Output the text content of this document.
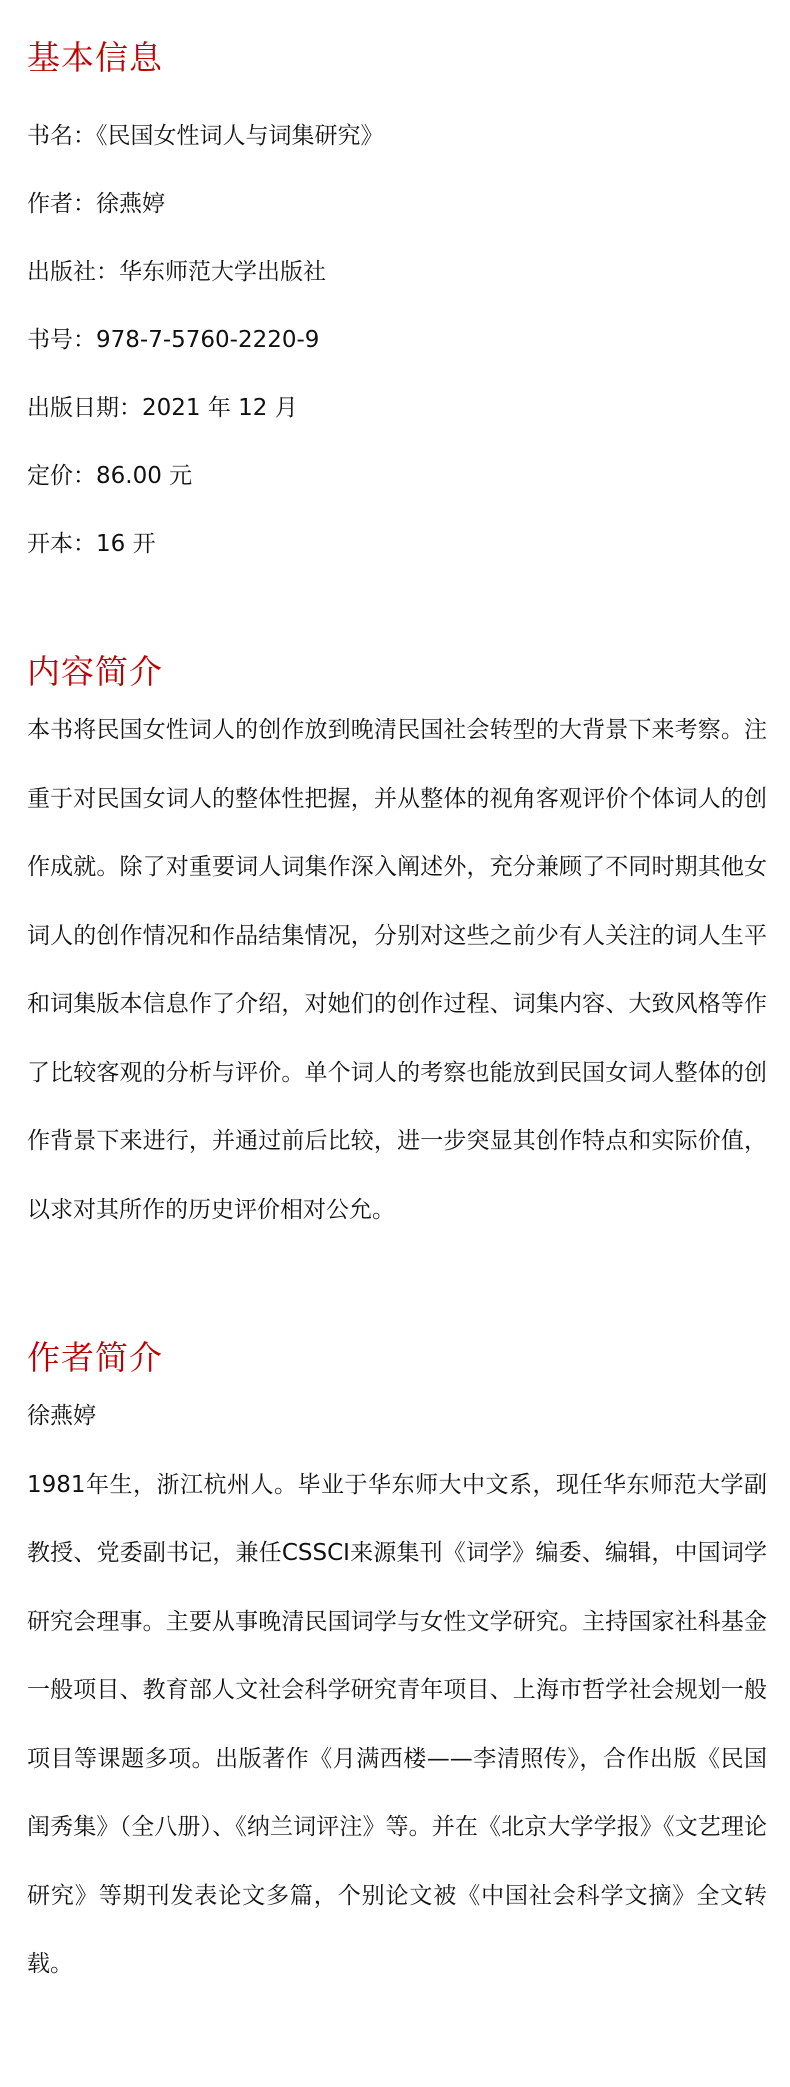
基本信息

书名：《民国女性词人与词集研究》

作者：徐燕婷

出版社：华东师范大学出版社

书号：978-7-5760-2220-9

出版日期：2021 年 12 月

定价：86.00 元

开本：16 开

内容简介

本书将民国女性词人的创作放到晚清民国社会转型的大背景下来考察。注重于对民国女词人的整体性把握，并从整体的视角客观评价个体词人的创作成就。除了对重要词人词集作深入阐述外，充分兼顾了不同时期其他女词人的创作情况和作品结集情况，分别对这些之前少有人关注的词人生平和词集版本信息作了介绍，对她们的创作过程、词集内容、大致风格等作了比较客观的分析与评价。单个词人的考察也能放到民国女词人整体的创作背景下来进行，并通过前后比较，进一步突显其创作特点和实际价值，以求对其所作的历史评价相对公允。

作者简介

徐燕婷

1981年生，浙江杭州人。毕业于华东师大中文系，现任华东师范大学副教授、党委副书记，兼任CSSCI来源集刊《词学》编委、编辑，中国词学研究会理事。主要从事晚清民国词学与女性文学研究。主持国家社科基金一般项目、教育部人文社会科学研究青年项目、上海市哲学社会规划一般项目等课题多项。出版著作《月满西楼——李清照传》，合作出版《民国闺秀集》（全八册）、《纳兰词评注》等。并在《北京大学学报》《文艺理论研究》等期刊发表论文多篇，个别论文被《中国社会科学文摘》全文转载。
